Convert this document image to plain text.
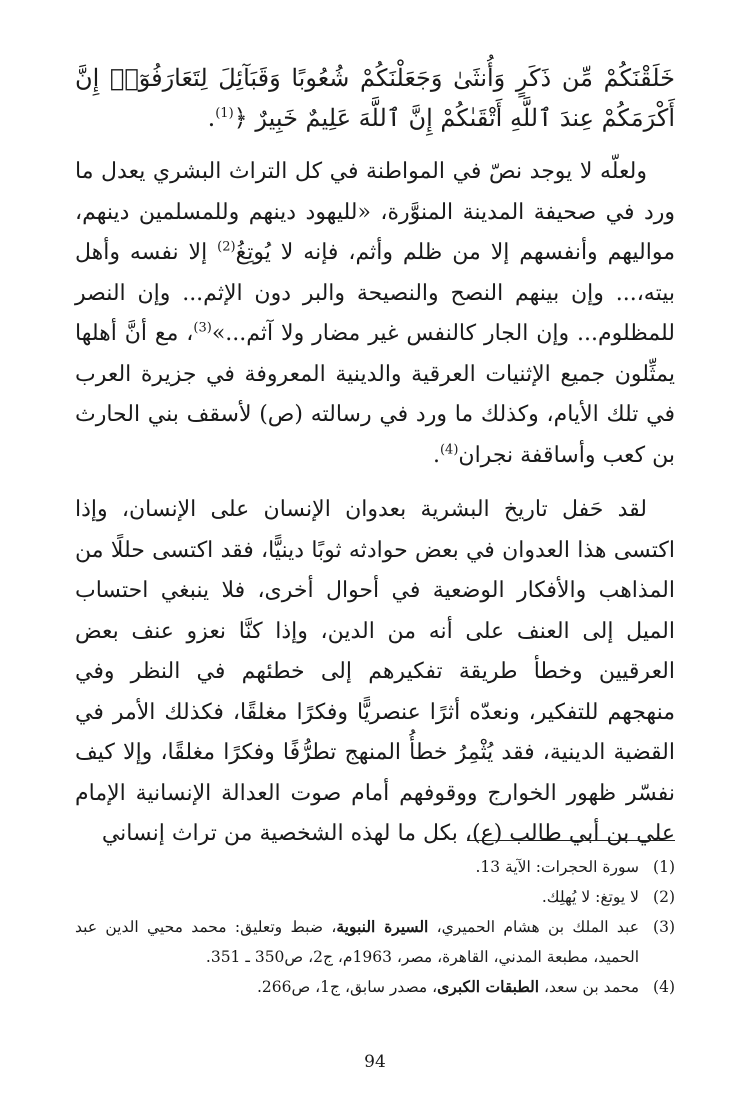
خَلَقْنَكُمْ مِّن ذَكَرٍ وَأُنثَىٰ وَجَعَلْنَكُمْ شُعُوبًا وَقَبَآئِلَ لِتَعَارَفُوٓا۟ إِنَّ أَكْرَمَكُمْ عِندَ ٱللَّهِ أَتْقَىٰكُمْ إِنَّ ٱللَّهَ عَلِيمٌ خَبِيرٌ ﴿$^{(1)}$.

ولعلّه لا يوجد نصّ في المواطنة في كل التراث البشري يعدل ما ورد في صحيفة المدينة المنوَّرة، «لليهود دينهم وللمسلمين دينهم، مواليهم وأنفسهم إلا من ظلم وأثم، فإنه لا يُوتِغُ$^{(2)}$ إلا نفسه وأهل بيته،... وإن بينهم النصح والنصيحة والبر دون الإثم... وإن النصر للمظلوم... وإن الجار كالنفس غير مضار ولا آثم...»$^{(3)}$، مع أنَّ أهلها يمثِّلون جميع الإثنيات العرقية والدينية المعروفة في جزيرة العرب في تلك الأيام، وكذلك ما ورد في رسالته (ص) لأسقف بني الحارث بن كعب وأساقفة نجران$^{(4)}$.

لقد حَفل تاريخ البشرية بعدوان الإنسان على الإنسان، وإذا اكتسى هذا العدوان في بعض حوادثه ثوبًا دينيًّا، فقد اكتسى حللًا من المذاهب والأفكار الوضعية في أحوال أخرى، فلا ينبغي احتساب الميل إلى العنف على أنه من الدين، وإذا كنَّا نعزو عنف بعض العرقيين وخطأ طريقة تفكيرهم إلى خطئهم في النظر وفي منهجهم للتفكير، ونعدّه أثرًا عنصريًّا وفكرًا مغلقًا، فكذلك الأمر في القضية الدينية، فقد يُثْمِرُ خطأُ المنهج تطرُّفًا وفكرًا مغلقًا، وإلا كيف نفسّر ظهور الخوارج ووقوفهم أمام صوت العدالة الإنسانية الإمام علي بن أبي طالب (ع)، بكل ما لهذه الشخصية من تراث إنساني

(1)
سورة الحجرات: الآية 13.
(2)
لا يوتغ: لا يُهلِك.
(3)
عبد الملك بن هشام الحميري، السيرة النبوية، ضبط وتعليق: محمد محيي الدين عبد الحميد، مطبعة المدني، القاهرة، مصر، 1963م، ج2، ص350 ـ 351.
(4)
محمد بن سعد، الطبقات الكبرى، مصدر سابق، ج1، ص266.
94
